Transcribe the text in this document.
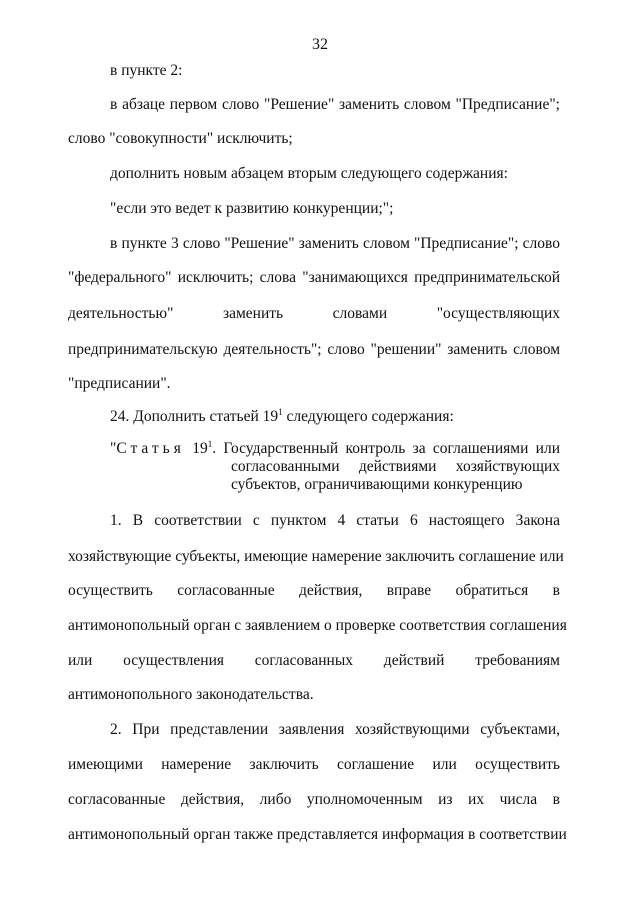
32
в пункте 2:
в абзаце первом слово "Решение" заменить словом "Предписание";
слово "совокупности" исключить;
дополнить новым абзацем вторым следующего содержания:
"если это ведет к развитию конкуренции;";
в пункте 3 слово "Решение" заменить словом "Предписание"; слово
"федерального" исключить; слова "занимающихся предпринимательской
деятельностью" заменить словами "осуществляющих
предпринимательскую деятельность"; слово "решении" заменить словом
"предписании".
24. Дополнить статьей $19^1$ следующего содержания:
"Статья $19^1$. Государственный контроль за соглашениями или
согласованными действиями хозяйствующих
субъектов, ограничивающими конкуренцию
1. В соответствии с пунктом 4 статьи 6 настоящего Закона
хозяйствующие субъекты, имеющие намерение заключить соглашение или
осуществить согласованные действия, вправе обратиться в
антимонопольный орган с заявлением о проверке соответствия соглашения
или осуществления согласованных действий требованиям
антимонопольного законодательства.
2. При представлении заявления хозяйствующими субъектами,
имеющими намерение заключить соглашение или осуществить
согласованные действия, либо уполномоченным из их числа в
антимонопольный орган также представляется информация в соответствии
